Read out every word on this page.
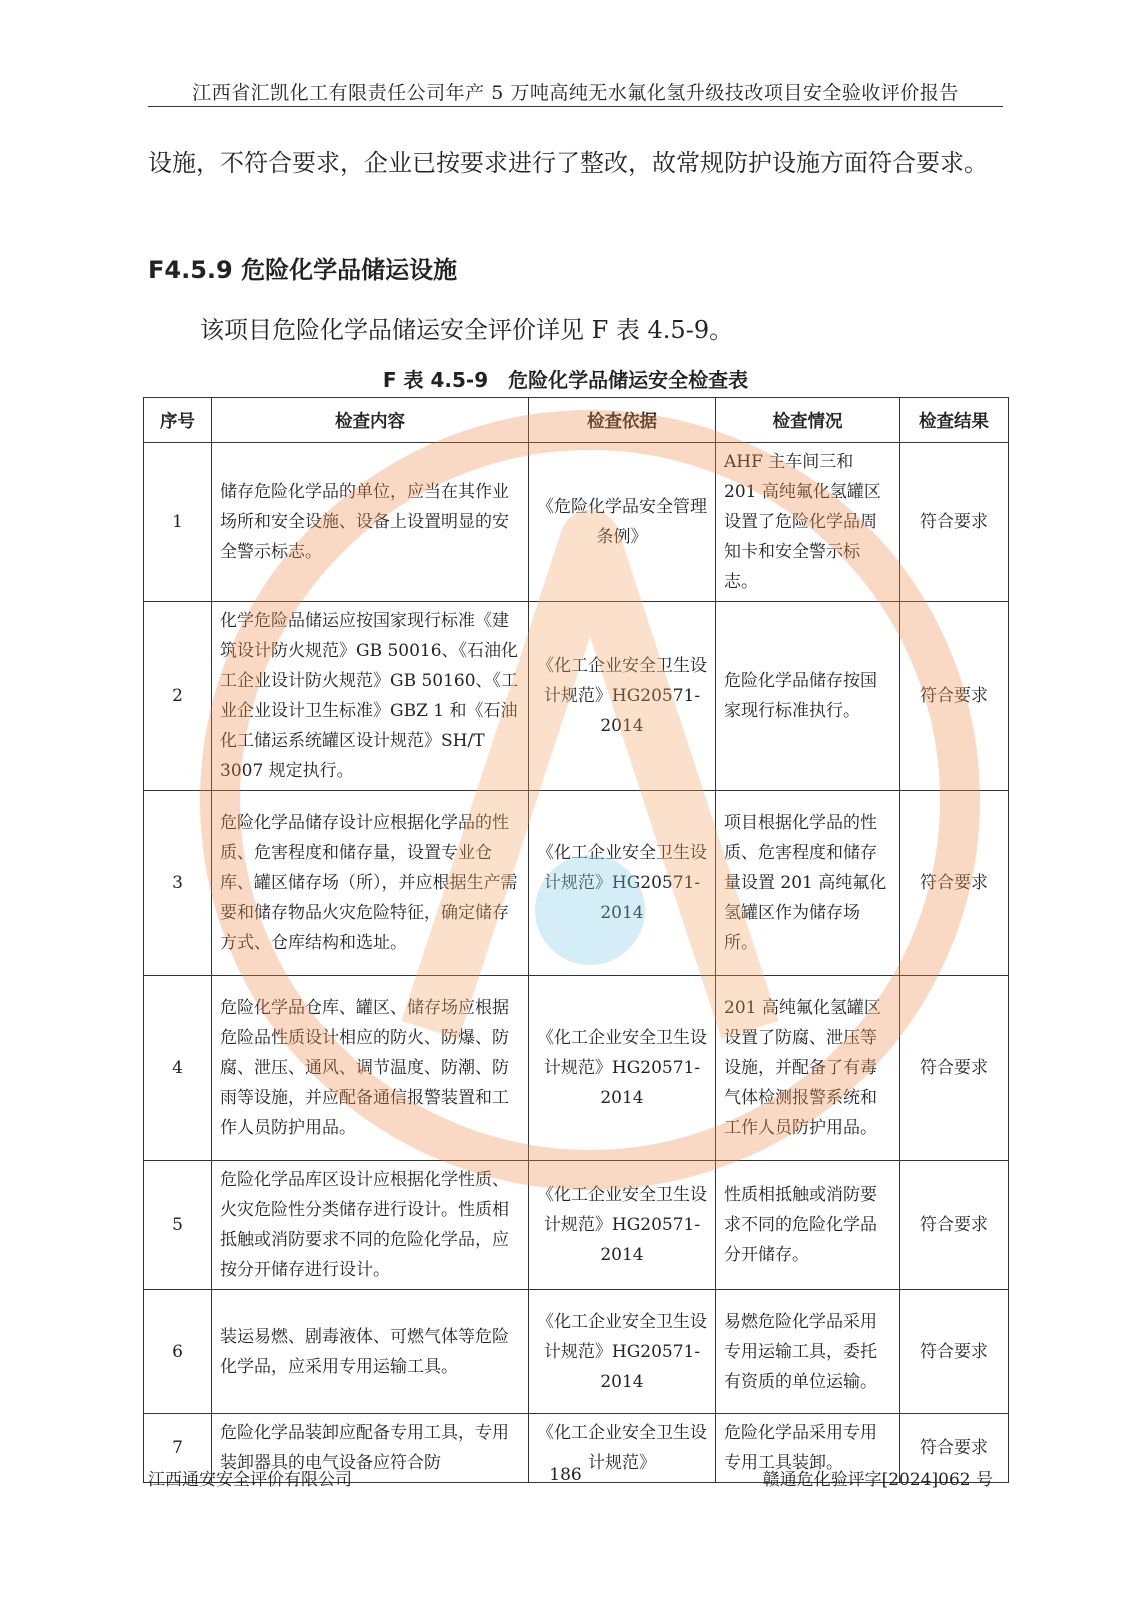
江西省汇凯化工有限责任公司年产 5 万吨高纯无水氟化氢升级技改项目安全验收评价报告
设施，不符合要求，企业已按要求进行了整改，故常规防护设施方面符合要求。
F4.5.9 危险化学品储运设施
该项目危险化学品储运安全评价详见 F 表 4.5-9。
F 表 4.5-9　危险化学品储运安全检查表
序号	检查内容	检查依据	检查情况	检查结果
1	储存危险化学品的单位，应当在其作业场所和安全设施、设备上设置明显的安全警示标志。	《危险化学品安全管理条例》	AHF 主车间三和 201 高纯氟化氢罐区设置了危险化学品周知卡和安全警示标志。	符合要求
2	化学危险品储运应按国家现行标准《建筑设计防火规范》GB 50016、《石油化工企业设计防火规范》GB 50160、《工业企业设计卫生标准》GBZ 1 和《石油化工储运系统罐区设计规范》SH/T 3007 规定执行。	《化工企业安全卫生设计规范》HG20571-2014	危险化学品储存按国家现行标准执行。	符合要求
3	危险化学品储存设计应根据化学品的性质、危害程度和储存量，设置专业仓库、罐区储存场（所），并应根据生产需要和储存物品火灾危险特征，确定储存方式、仓库结构和选址。	《化工企业安全卫生设计规范》HG20571-2014	项目根据化学品的性质、危害程度和储存量设置 201 高纯氟化氢罐区作为储存场所。	符合要求
4	危险化学品仓库、罐区、储存场应根据危险品性质设计相应的防火、防爆、防腐、泄压、通风、调节温度、防潮、防雨等设施，并应配备通信报警装置和工作人员防护用品。	《化工企业安全卫生设计规范》HG20571-2014	201 高纯氟化氢罐区设置了防腐、泄压等设施，并配备了有毒气体检测报警系统和工作人员防护用品。	符合要求
5	危险化学品库区设计应根据化学性质、火灾危险性分类储存进行设计。性质相抵触或消防要求不同的危险化学品，应按分开储存进行设计。	《化工企业安全卫生设计规范》HG20571-2014	性质相抵触或消防要求不同的危险化学品分开储存。	符合要求
6	装运易燃、剧毒液体、可燃气体等危险化学品，应采用专用运输工具。	《化工企业安全卫生设计规范》HG20571-2014	易燃危险化学品采用专用运输工具，委托有资质的单位运输。	符合要求
7	危险化学品装卸应配备专用工具，专用装卸器具的电气设备应符合防	《化工企业安全卫生设计规范》	危险化学品采用专用专用工具装卸。	符合要求
江西通安安全评价有限公司	186	赣通危化验评字[2024]062 号
